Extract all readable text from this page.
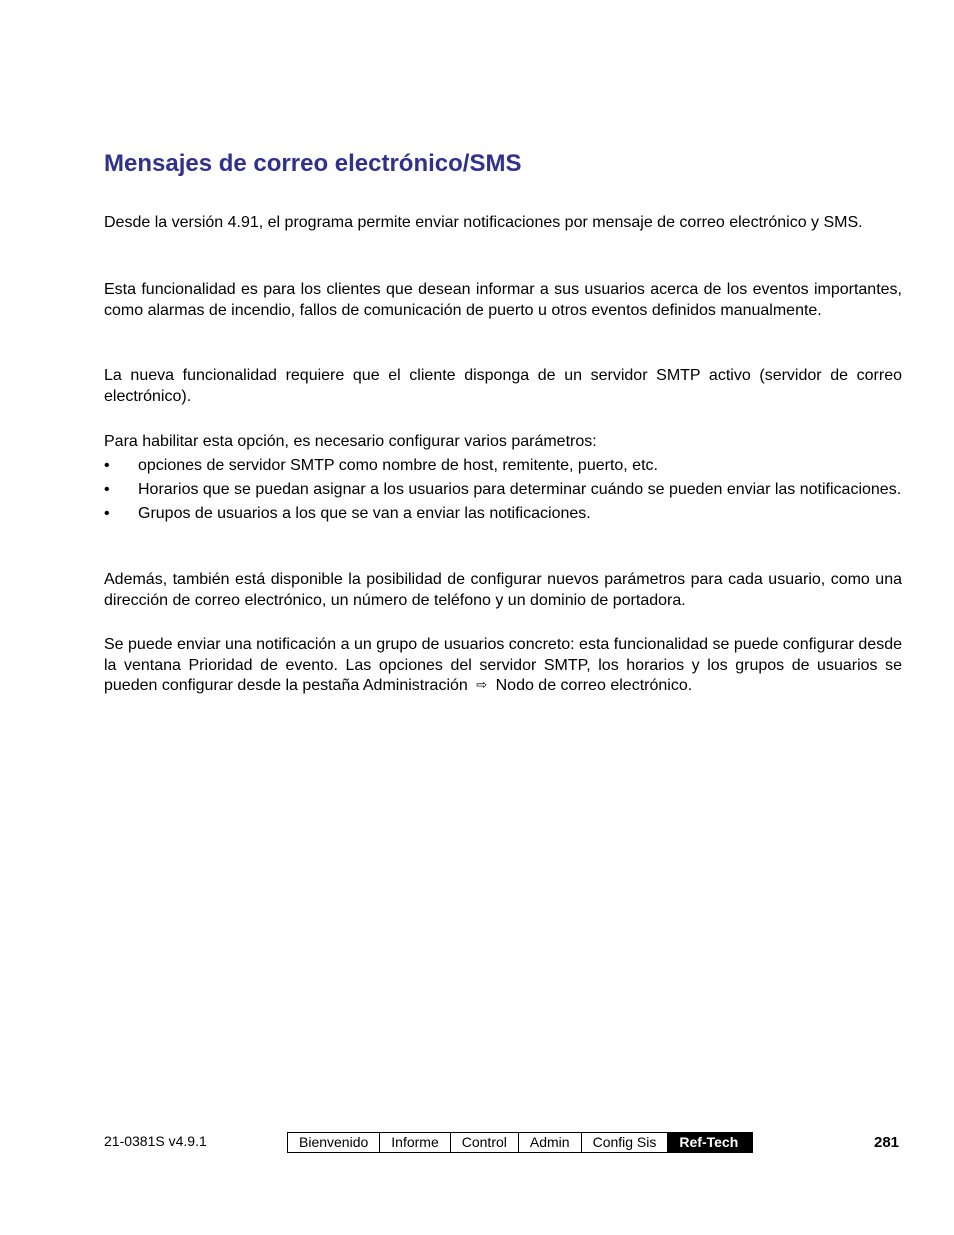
Mensajes de correo electrónico/SMS

Desde la versión 4.91, el programa permite enviar notificaciones por mensaje de correo electrónico y SMS.

Esta funcionalidad es para los clientes que desean informar a sus usuarios acerca de los eventos importantes, como alarmas de incendio, fallos de comunicación de puerto u otros eventos definidos manualmente.

La nueva funcionalidad requiere que el cliente disponga de un servidor SMTP activo (servidor de correo electrónico).

Para habilitar esta opción, es necesario configurar varios parámetros:
• opciones de servidor SMTP como nombre de host, remitente, puerto, etc.
• Horarios que se puedan asignar a los usuarios para determinar cuándo se pueden enviar las notificaciones.
• Grupos de usuarios a los que se van a enviar las notificaciones.

Además, también está disponible la posibilidad de configurar nuevos parámetros para cada usuario, como una dirección de correo electrónico, un número de teléfono y un dominio de portadora.

Se puede enviar una notificación a un grupo de usuarios concreto: esta funcionalidad se puede configurar desde la ventana Prioridad de evento. Las opciones del servidor SMTP, los horarios y los grupos de usuarios se pueden configurar desde la pestaña Administración ⇨ Nodo de correo electrónico.

21-0381S v4.9.1	Bienvenido	Informe	Control	Admin	Config Sis	Ref-Tech	281
